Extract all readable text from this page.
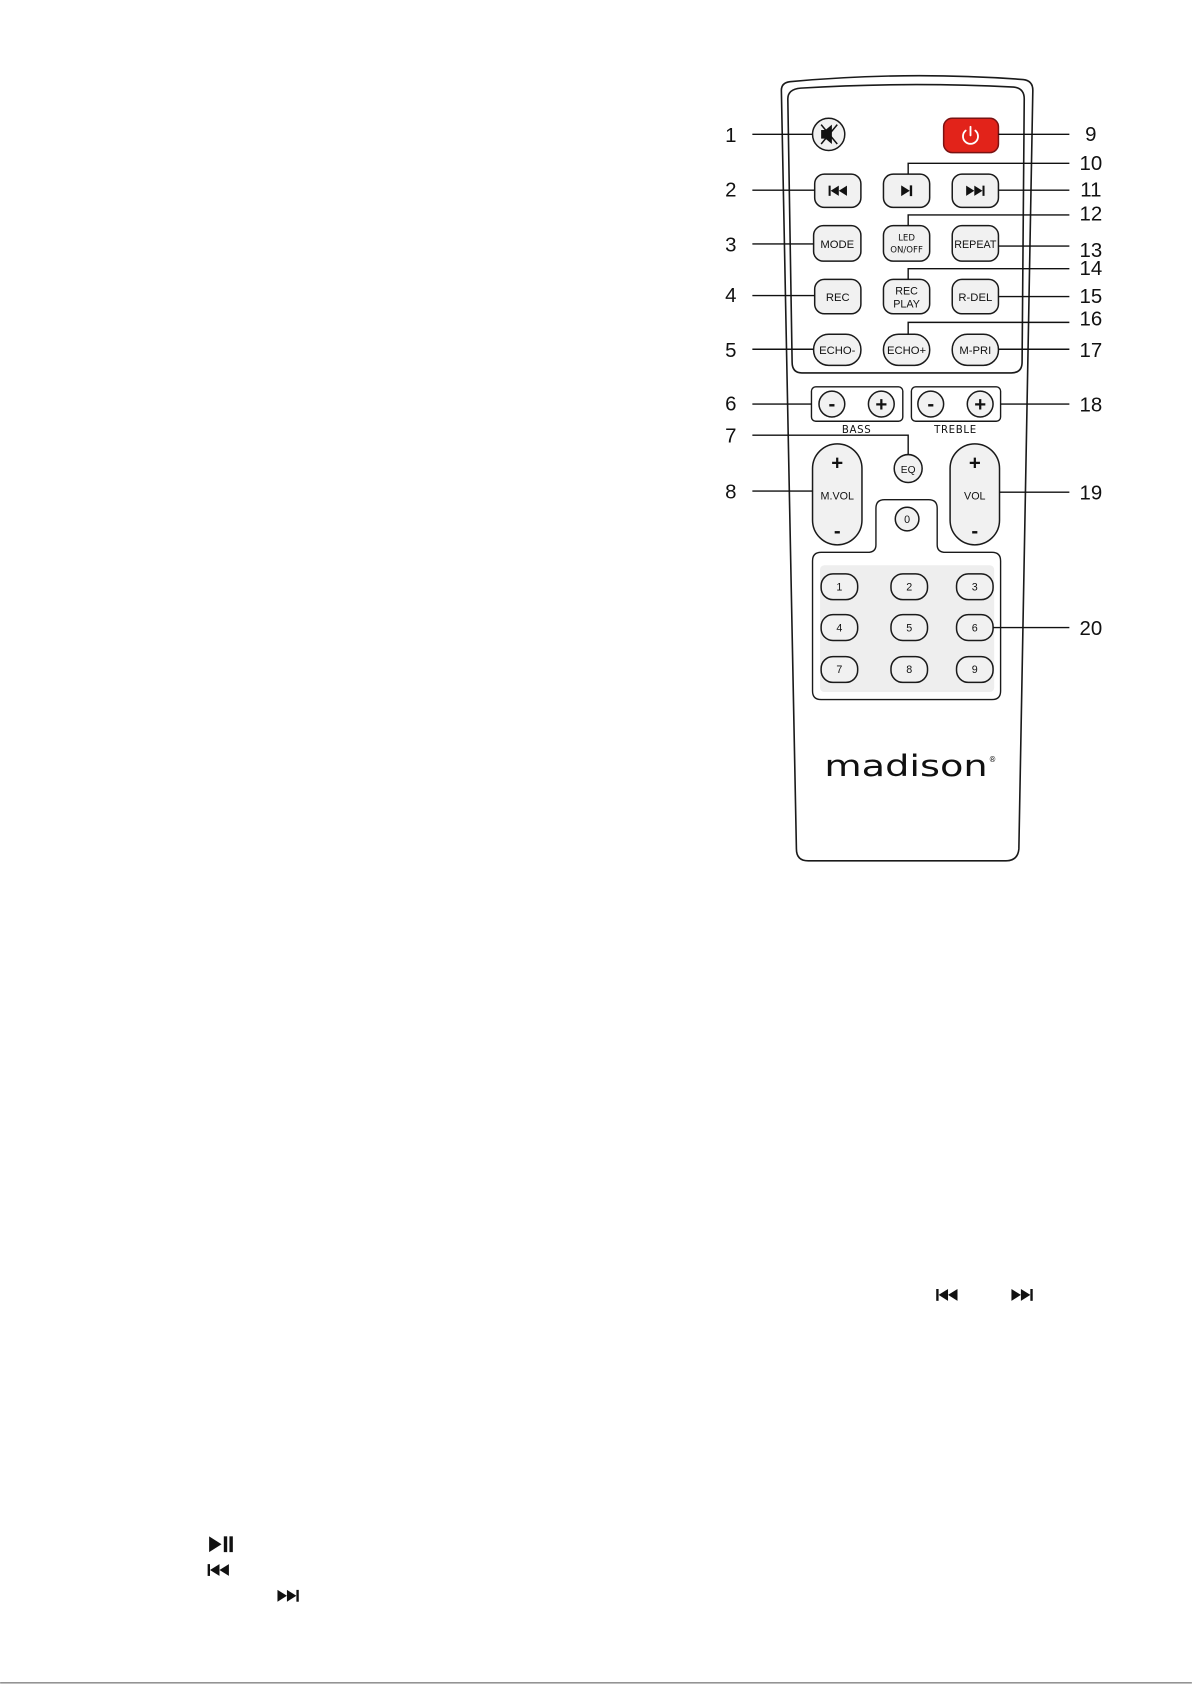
MODE
LED
ON/OFF	REPEAT
REC
REC
PLAY
R-DEL
ECHO-	ECHO+	M-PRI
- +
BASS
- +
TREBLE
EQ
+
M.VOL
-
+
VOL
-
0
1	2	3
4	5	6
7	8	9
madison ®
1
2
3
4
5
6
7
8
9
10
11
12
13
14
15
16
17
18
19
20
